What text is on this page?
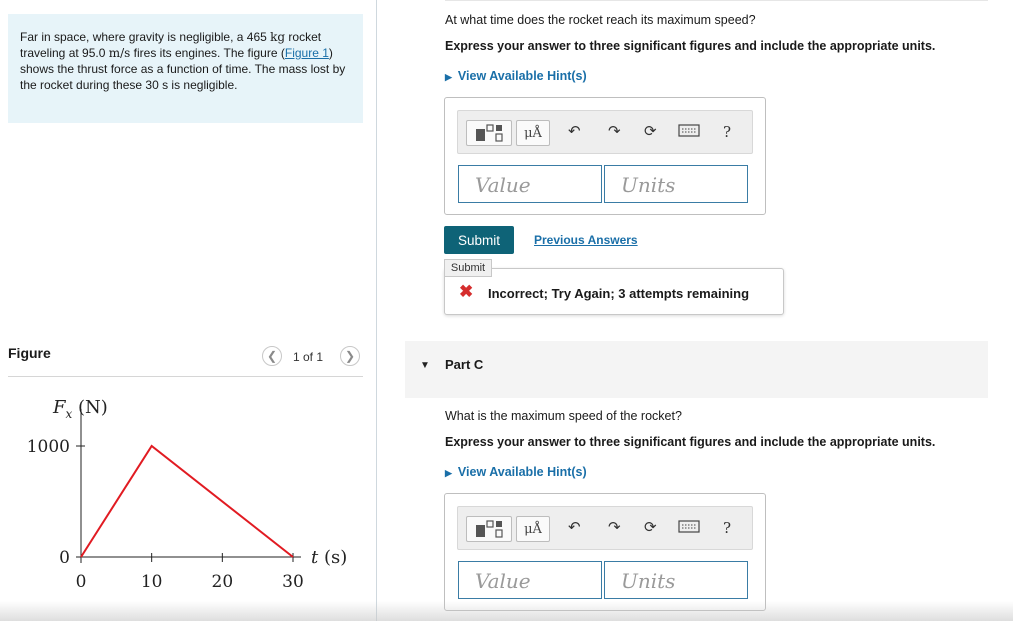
Far in space, where gravity is negligible, a 465 kg rocket traveling at 95.0 m/s fires its engines. The figure (Figure 1) shows the thrust force as a function of time. The mass lost by the rocket during these 30 s is negligible.
Figure	❮	1 of 1	❯
0	10	20	30
0
1000
$F_x$ (N)
t (s)
At what time does the rocket reach its maximum speed?
Express your answer to three significant figures and include the appropriate units.
▶ View Available Hint(s)
μÅ	↶ ↷ ⟳	?
Value	Units
Submit	Previous Answers
✖ Incorrect; Try Again; 3 attempts remaining
Submit
▼ Part C
What is the maximum speed of the rocket?
Express your answer to three significant figures and include the appropriate units.
▶ View Available Hint(s)
μÅ	↶ ↷ ⟳	?
Value	Units
